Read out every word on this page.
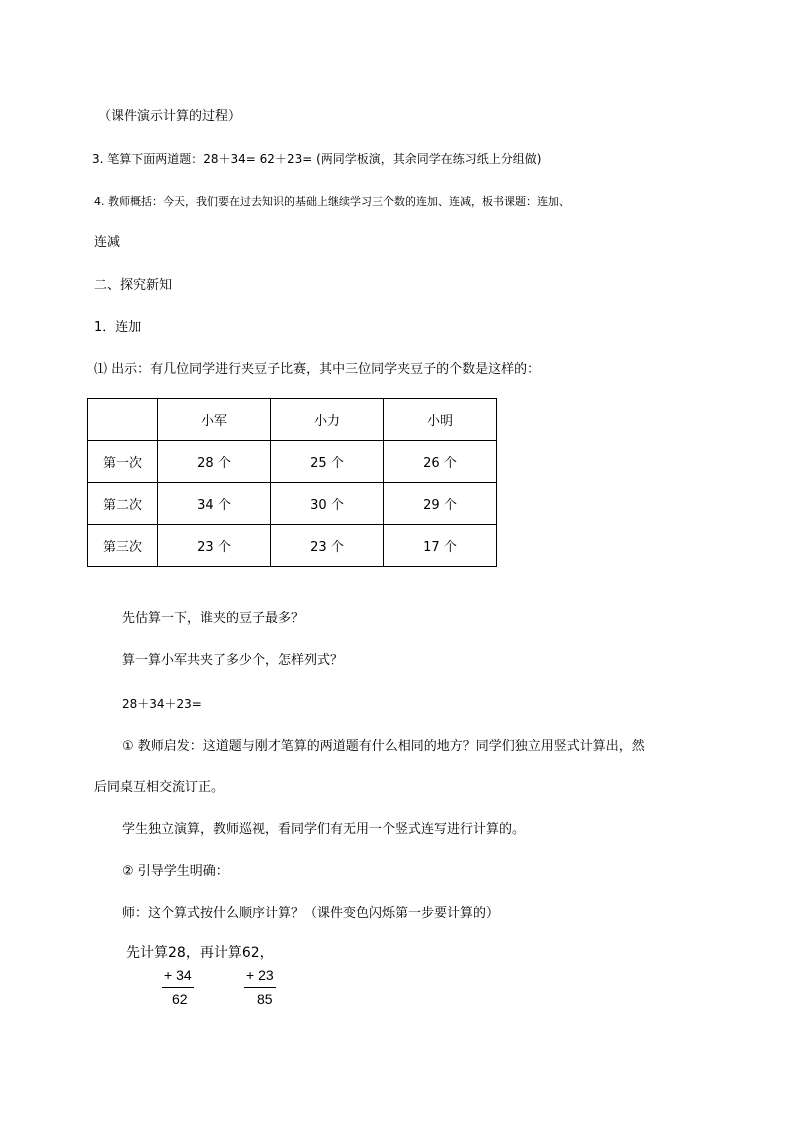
（课件演示计算的过程）
3. 笔算下面两道题：28＋34= 62＋23= (两同学板演，其余同学在练习纸上分组做)
4. 教师概括：今天，我们要在过去知识的基础上继续学习三个数的连加、连减，板书课题：连加、
连减
二、探究新知
1．连加
⑴ 出示：有几位同学进行夹豆子比赛，其中三位同学夹豆子的个数是这样的：
	小军	小力	小明
第一次	28 个	25 个	26 个
第二次	34 个	30 个	29 个
第三次	23 个	23 个	17 个
先估算一下，谁夹的豆子最多？
算一算小军共夹了多少个，怎样列式？
28＋34＋23=
① 教师启发：这道题与刚才笔算的两道题有什么相同的地方？同学们独立用竖式计算出，然
后同桌互相交流订正。
学生独立演算，教师巡视，看同学们有无用一个竖式连写进行计算的。
② 引导学生明确：
师：这个算式按什么顺序计算？（课件变色闪烁第一步要计算的）
先计算28，再计算62，
+ 34
62
+ 23
85
